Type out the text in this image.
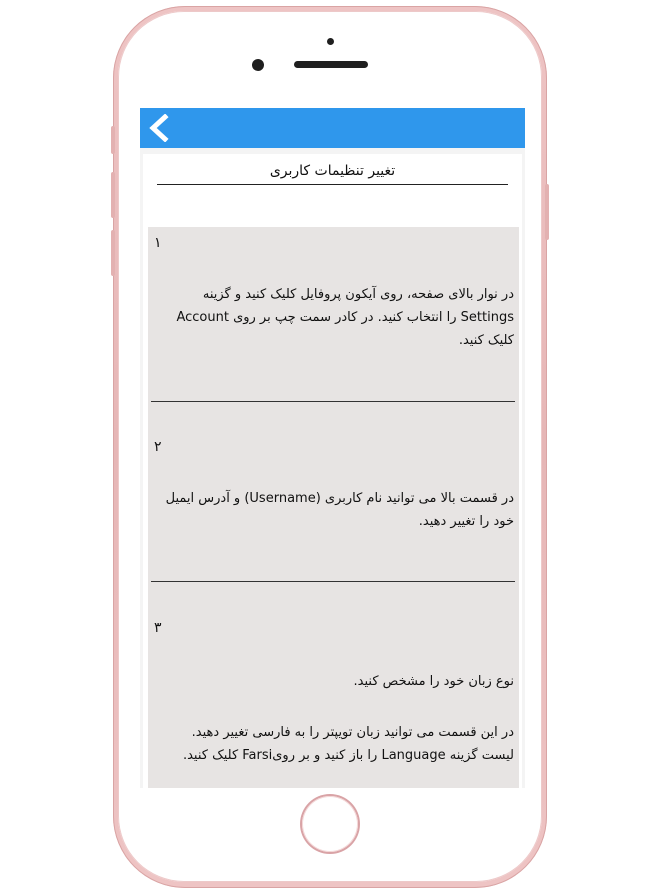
تغییر تنظیمات کاربری
۱
در نوار بالای صفحه، روی آیکون پروفایل کلیک کنید و گزینه Settings را انتخاب کنید. در کادر سمت چپ بر روی Account کلیک کنید.
۲
در قسمت بالا می توانید نام کاربری (Username) و آدرس ایمیل خود را تغییر دهید.
۳
نوع زبان خود را مشخص کنید.
در این قسمت می توانید زبان تویپتر را به فارسی تغییر دهید.
لیست گزینه Language را باز کنید و بر رویFarsi کلیک کنید.
